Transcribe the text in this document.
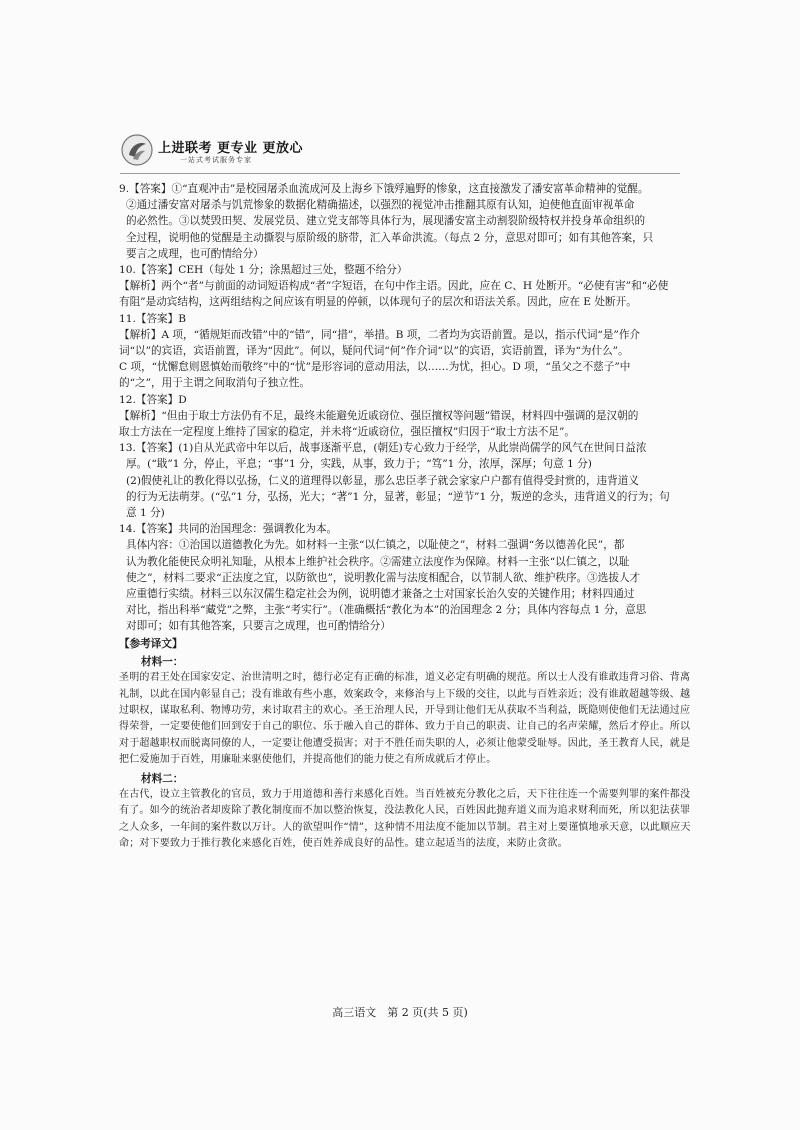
上进联考 更专业 更放心
一站式考试服务专家

9.【答案】①“直观冲击”是校园屠杀血流成河及上海乡下饿殍遍野的惨象，这直接激发了潘安富革命精神的觉醒。

②通过潘安富对屠杀与饥荒惨象的数据化精确描述，以强烈的视觉冲击推翻其原有认知，迫使他直面审视革命

的必然性。③以焚毁田契、发展党员、建立党支部等具体行为，展现潘安富主动割裂阶级特权并投身革命组织的

全过程，说明他的觉醒是主动撕裂与原阶级的脐带，汇入革命洪流。（每点 2 分，意思对即可；如有其他答案，只

要言之成理，也可酌情给分）

10.【答案】CEH（每处 1 分；涂黑超过三处，整题不给分）

【解析】两个“者”与前面的动词短语构成“者”字短语，在句中作主语。因此，应在 C、H 处断开。“必使有害”和“必使

有阻”是动宾结构，这两组结构之间应该有明显的停顿，以体现句子的层次和语法关系。因此，应在 E 处断开。

11.【答案】B

【解析】A 项，“循规矩而改错”中的“错”，同“措”，举措。B 项，二者均为宾语前置。是以，指示代词“是”作介

词“以”的宾语，宾语前置，译为“因此”。何以，疑问代词“何”作介词“以”的宾语，宾语前置，译为“为什么”。

C 项，“忧懈怠则恩慎始而敬终”中的“忧”是形容词的意动用法，以……为忧，担心。D 项，“虽父之不慈子”中

的“之”，用于主谓之间取消句子独立性。

12.【答案】D

【解析】“但由于取士方法仍有不足，最终未能避免近戚窃位、强臣擅权等问题”错误，材料四中强调的是汉朝的

取士方法在一定程度上维持了国家的稳定，并未将“近戚窃位，强臣擅权”归因于“取士方法不足”。

13.【答案】(1)自从光武帝中年以后，战事逐渐平息，(朝廷)专心致力于经学，从此崇尚儒学的风气在世间日益浓

厚。(“戢”1 分，停止，平息；“事”1 分，实践，从事，致力于；“笃”1 分，浓厚，深厚；句意 1 分)

(2)假使礼让的教化得以弘扬，仁义的道理得以彰显，那么忠臣孝子就会家家户户都有值得受封赏的，违背道义

的行为无法萌芽。(“弘”1 分，弘扬，光大；“著”1 分，显著，彰显；“逆节”1 分，叛逆的念头，违背道义的行为；句

意 1 分)

14.【答案】共同的治国理念：强调教化为本。

具体内容：①治国以道德教化为先。如材料一主张“以仁镇之，以耻使之”，材料二强调“务以德善化民”，都

认为教化能使民众明礼知耻，从根本上维护社会秩序。②需建立法度作为保障。材料一主张“以仁镇之，以耻

使之”，材料二要求“正法度之宜，以防欲也”，说明教化需与法度相配合，以节制人欲、维护秩序。③选拔人才

应重德行实绩。材料三以东汉儒生稳定社会为例，说明德才兼备之士对国家长治久安的关键作用；材料四通过

对比，指出科举“藏党”之弊，主张“考实行”。（准确概括“教化为本”的治国理念 2 分；具体内容每点 1 分，意思

对即可；如有其他答案，只要言之成理，也可酌情给分）

【参考译文】

材料一：

圣明的君王处在国家安定、治世清明之时，德行必定有正确的标准，道义必定有明确的规范。所以士人没有谁敢违背习俗、背离礼制，以此在国内彰显自己；没有谁敢有些小惠，效案政令，来修治与上下级的交往，以此与百姓亲近；没有谁敢超越等级、越过职权，谋取私利、物博功劳，来讨取君主的欢心。圣王治理人民，开导到让他们无从获取不当利益，既隐则使他们无法通过应得荣誉，一定要使他们回到安于自己的职位、乐于融入自己的群体、致力于自己的职责、让自己的名声荣耀，然后才停止。所以对于超越职权而脱离同僚的人，一定要让他遭受损害；对于不胜任而失职的人，必须让他蒙受耻辱。因此，圣王教育人民，就是把仁爱施加于百姓，用廉耻来驱使他们，并提高他们的能力使之有所成就后才停止。

材料二：

在古代，设立主管教化的官员，致力于用道德和善行来感化百姓。当百姓被充分教化之后，天下往往连一个需要判罪的案件都没有了。如今的统治者却废除了教化制度而不加以整治恢复，没法教化人民，百姓因此抛弃道义而为追求财利而死，所以犯法获罪之人众多，一年间的案件数以万计。人的欲望叫作“情”，这种情不用法度不能加以节制。君主对上要谨慎地承天意，以此顺应天命；对下要致力于推行教化来感化百姓，使百姓养成良好的品性。建立起适当的法度，来防止贪欲。

高三语文　第 2 页(共 5 页)
